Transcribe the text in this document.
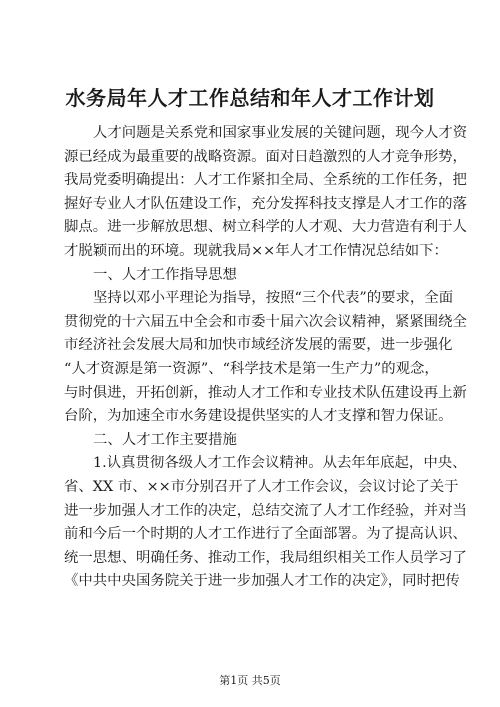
水务局年人才工作总结和年人才工作计划
人才问题是关系党和国家事业发展的关键问题，现今人才资
源已经成为最重要的战略资源。面对日趋激烈的人才竞争形势，
我局党委明确提出：人才工作紧扣全局、全系统的工作任务，把
握好专业人才队伍建设工作，充分发挥科技支撑是人才工作的落
脚点。进一步解放思想、树立科学的人才观、大力营造有利于人
才脱颖而出的环境。现就我局××年人才工作情况总结如下：
一、人才工作指导思想
坚持以邓小平理论为指导，按照“三个代表”的要求，全面
贯彻党的十六届五中全会和市委十届六次会议精神，紧紧围绕全
市经济社会发展大局和加快市域经济发展的需要，进一步强化
“人才资源是第一资源”、“科学技术是第一生产力”的观念，
与时俱进，开拓创新，推动人才工作和专业技术队伍建设再上新
台阶，为加速全市水务建设提供坚实的人才支撑和智力保证。
二、人才工作主要措施
1.认真贯彻各级人才工作会议精神。从去年年底起，中央、
省、XX 市、××市分别召开了人才工作会议，会议讨论了关于
进一步加强人才工作的决定，总结交流了人才工作经验，并对当
前和今后一个时期的人才工作进行了全面部署。为了提高认识、
统一思想、明确任务、推动工作，我局组织相关工作人员学习了
《中共中央国务院关于进一步加强人才工作的决定》，同时把传
第1页 共5页
